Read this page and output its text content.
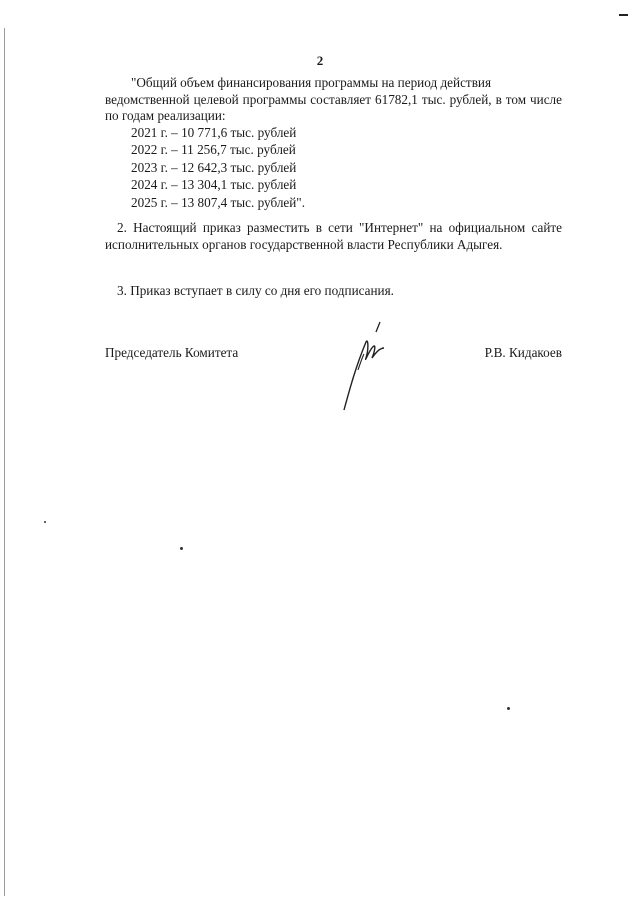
2

"Общий объем финансирования программы на период действия
ведомственной целевой программы составляет 61782,1 тыс. рублей, в том числе по годам реализации:

2021 г. – 10 771,6 тыс. рублей
2022 г. – 11 256,7 тыс. рублей
2023 г. – 12 642,3 тыс. рублей
2024 г. – 13 304,1 тыс. рублей
2025 г. – 13 807,4 тыс. рублей".

2. Настоящий приказ разместить в сети "Интернет" на официальном сайте исполнительных органов государственной власти Республики Адыгея.

3. Приказ вступает в силу со дня его подписания.

Председатель Комитета	Р.В. Кидакоев
